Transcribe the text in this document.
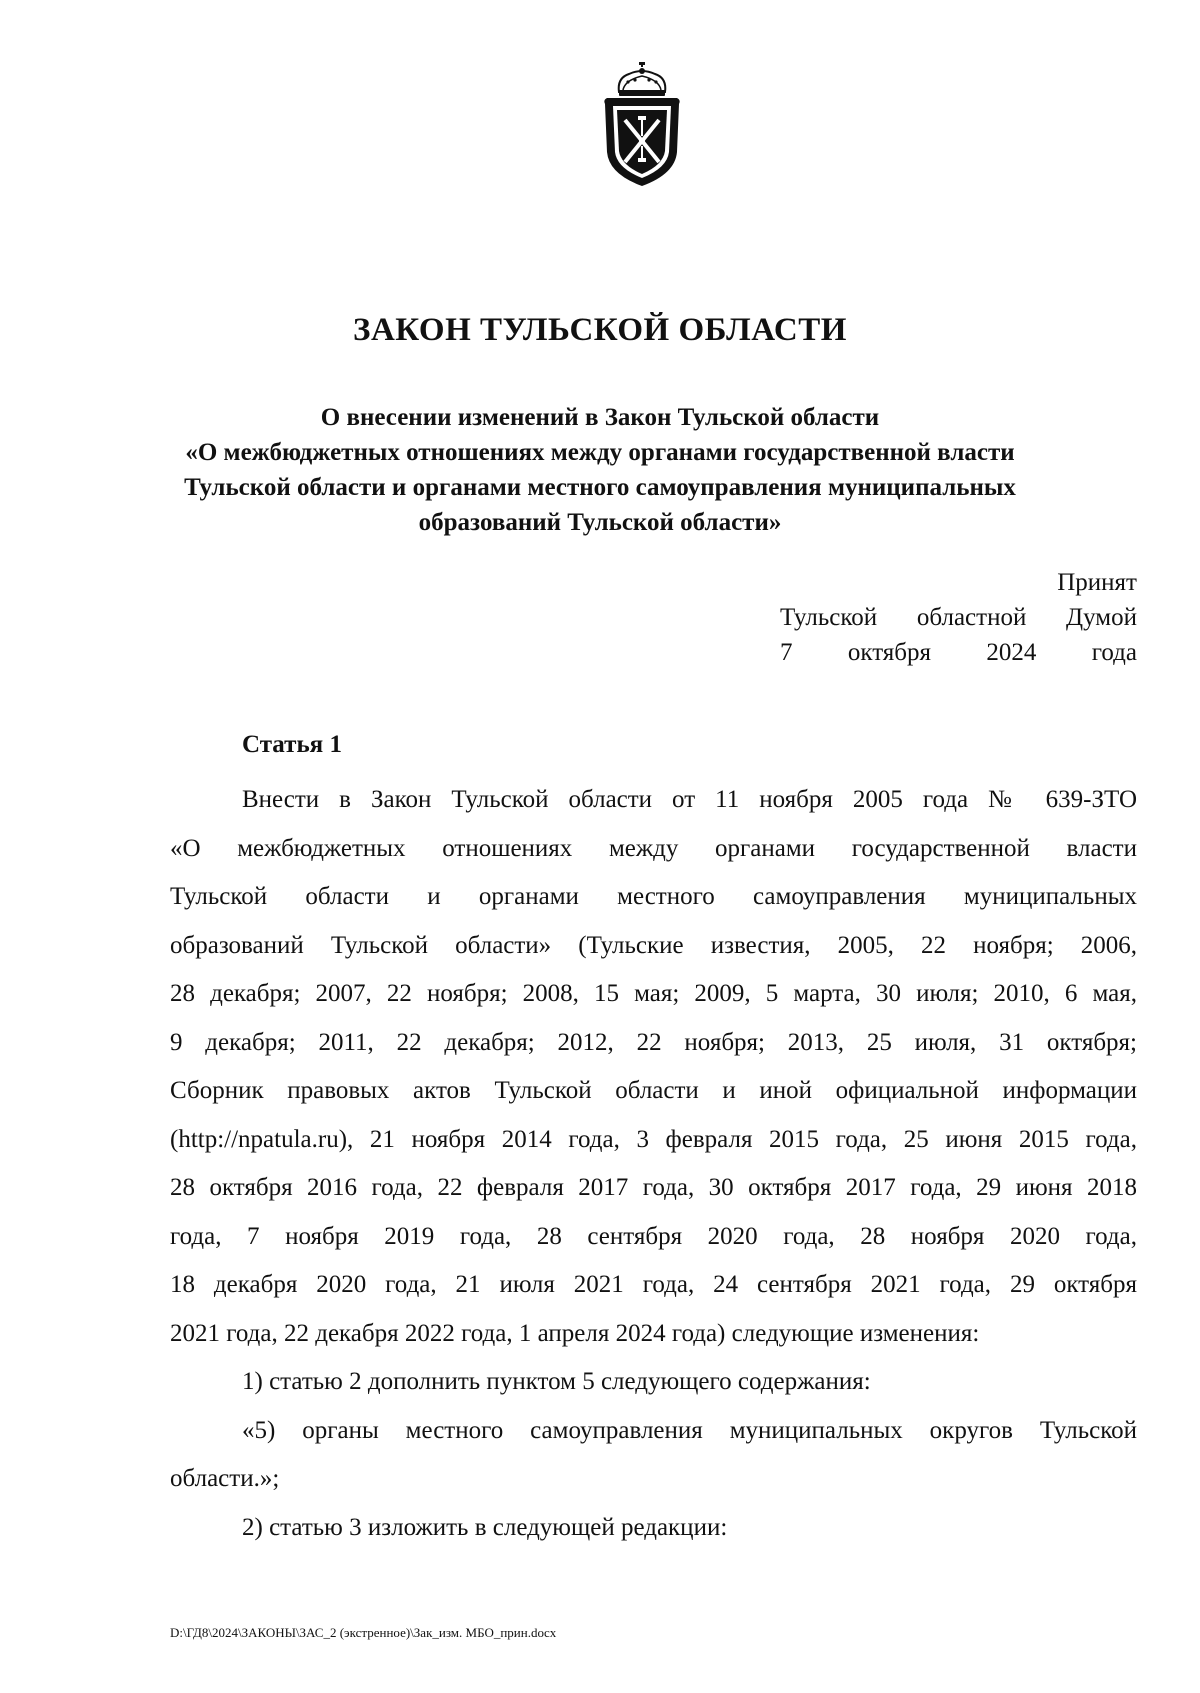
ЗАКОН ТУЛЬСКОЙ ОБЛАСТИ
О внесении изменений в Закон Тульской области
«О межбюджетных отношениях между органами государственной власти
Тульской области и органами местного самоуправления муниципальных
образований Тульской области»
Принят
Тульской областной Думой
7 октября 2024 года
Статья 1
Внести в Закон Тульской области от 11 ноября 2005 года № 639-ЗТО
«О межбюджетных отношениях между органами государственной власти
Тульской области и органами местного самоуправления муниципальных
образований Тульской области» (Тульские известия, 2005, 22 ноября; 2006,
28 декабря; 2007, 22 ноября; 2008, 15 мая; 2009, 5 марта, 30 июля; 2010, 6 мая,
9 декабря; 2011, 22 декабря; 2012, 22 ноября; 2013, 25 июля, 31 октября;
Сборник правовых актов Тульской области и иной официальной информации
(http://npatula.ru), 21 ноября 2014 года, 3 февраля 2015 года, 25 июня 2015 года,
28 октября 2016 года, 22 февраля 2017 года, 30 октября 2017 года, 29 июня 2018
года, 7 ноября 2019 года, 28 сентября 2020 года, 28 ноября 2020 года,
18 декабря 2020 года, 21 июля 2021 года, 24 сентября 2021 года, 29 октября
2021 года, 22 декабря 2022 года, 1 апреля 2024 года) следующие изменения:
1) статью 2 дополнить пунктом 5 следующего содержания:
«5) органы местного самоуправления муниципальных округов Тульской
области.»;
2) статью 3 изложить в следующей редакции:
D:\ГД8\2024\ЗАКОНЫ\ЗАС_2 (экстренное)\Зак_изм. МБО_прин.docx
